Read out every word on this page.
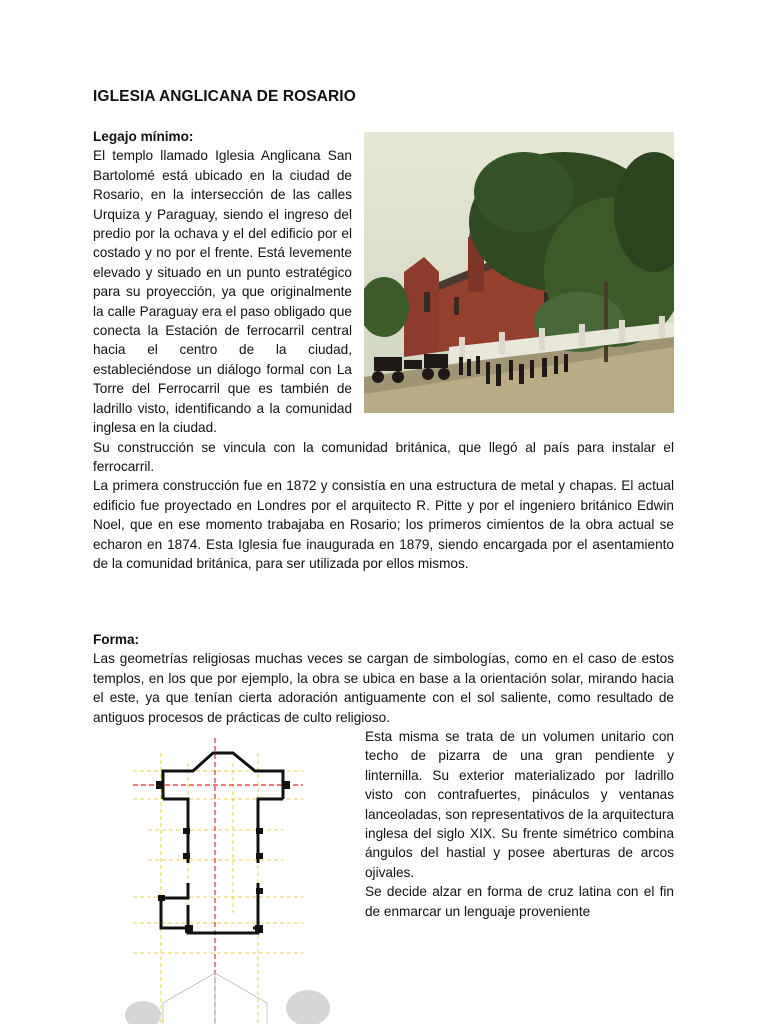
IGLESIA ANGLICANA DE ROSARIO

Legajo mínimo:

El templo llamado Iglesia Anglicana San Bartolomé está ubicado en la ciudad de Rosario, en la intersección de las calles Urquiza y Paraguay, siendo el ingreso del predio por la ochava y el del edificio por el costado y no por el frente. Está levemente elevado y situado en un punto estratégico para su proyección, ya que originalmente la calle Paraguay era el paso obligado que conecta la Estación de ferrocarril central hacia el centro de la ciudad, estableciéndose un diálogo formal con La Torre del Ferrocarril que es también de ladrillo visto, identificando a la comunidad inglesa en la ciudad.

Su construcción se vincula con la comunidad británica, que llegó al país para instalar el ferrocarril.

La primera construcción fue en 1872 y consistía en una estructura de metal y chapas. El actual edificio fue proyectado en Londres por el arquitecto R. Pitte y por el ingeniero británico Edwin Noel, que en ese momento trabajaba en Rosario; los primeros cimientos de la obra actual se echaron en 1874. Esta Iglesia fue inaugurada en 1879, siendo encargada por el asentamiento de la comunidad británica, para ser utilizada por ellos mismos.

Forma:

Las geometrías religiosas muchas veces se cargan de simbologías, como en el caso de estos templos, en los que por ejemplo, la obra se ubica en base a la orientación solar, mirando hacia el este, ya que tenían cierta adoración antiguamente con el sol saliente, como resultado de antiguos procesos de prácticas de culto religioso.

Esta misma se trata de un volumen unitario con techo de pizarra de una gran pendiente y linternilla. Su exterior materializado por ladrillo visto con contrafuertes, pináculos y ventanas lanceoladas, son representativos de la arquitectura inglesa del siglo XIX. Su frente simétrico combina ángulos del hastial y posee aberturas de arcos ojivales.

Se decide alzar en forma de cruz latina con el fin de enmarcar un lenguaje proveniente
